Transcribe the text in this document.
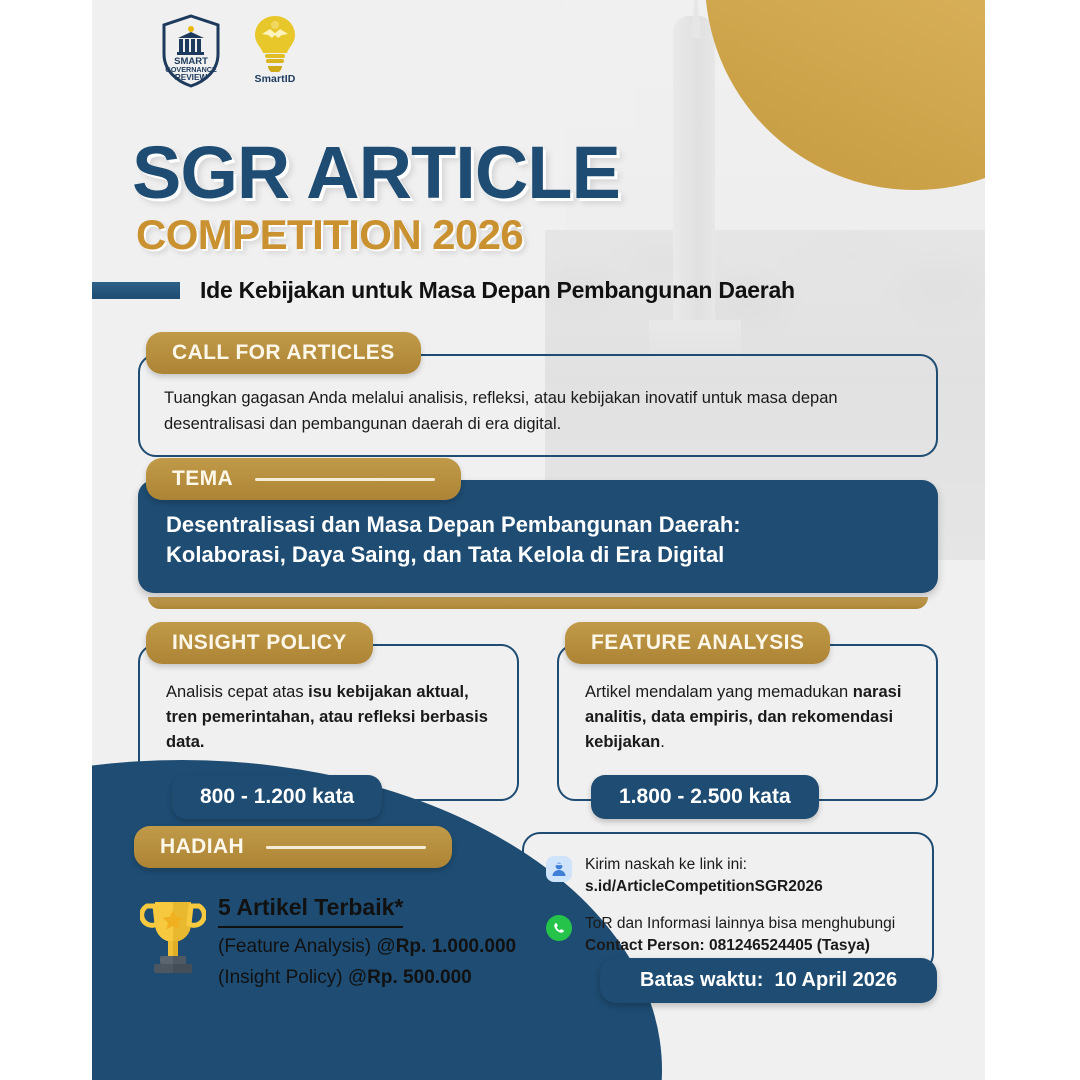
SMART
GOVERNANCE
REVIEW	SmartID
SGR ARTICLE
COMPETITION 2026
Ide Kebijakan untuk Masa Depan Pembangunan Daerah
CALL FOR ARTICLES
Tuangkan gagasan Anda melalui analisis, refleksi, atau kebijakan inovatif untuk masa depan desentralisasi dan pembangunan daerah di era digital.
TEMA
Desentralisasi dan Masa Depan Pembangunan Daerah:
Kolaborasi, Daya Saing, dan Tata Kelola di Era Digital
INSIGHT POLICY
Analisis cepat atas isu kebijakan aktual, tren pemerintahan, atau refleksi berbasis data.
800 - 1.200 kata
FEATURE ANALYSIS
Artikel mendalam yang memadukan narasi analitis, data empiris, dan rekomendasi kebijakan.
1.800 - 2.500 kata
HADIAH
5 Artikel Terbaik*
(Feature Analysis) @Rp. 1.000.000
(Insight Policy) @Rp. 500.000
Kirim naskah ke link ini:
s.id/ArticleCompetitionSGR2026
ToR dan Informasi lainnya bisa menghubungi
Contact Person: 081246524405 (Tasya)
Batas waktu: 10 April 2026
